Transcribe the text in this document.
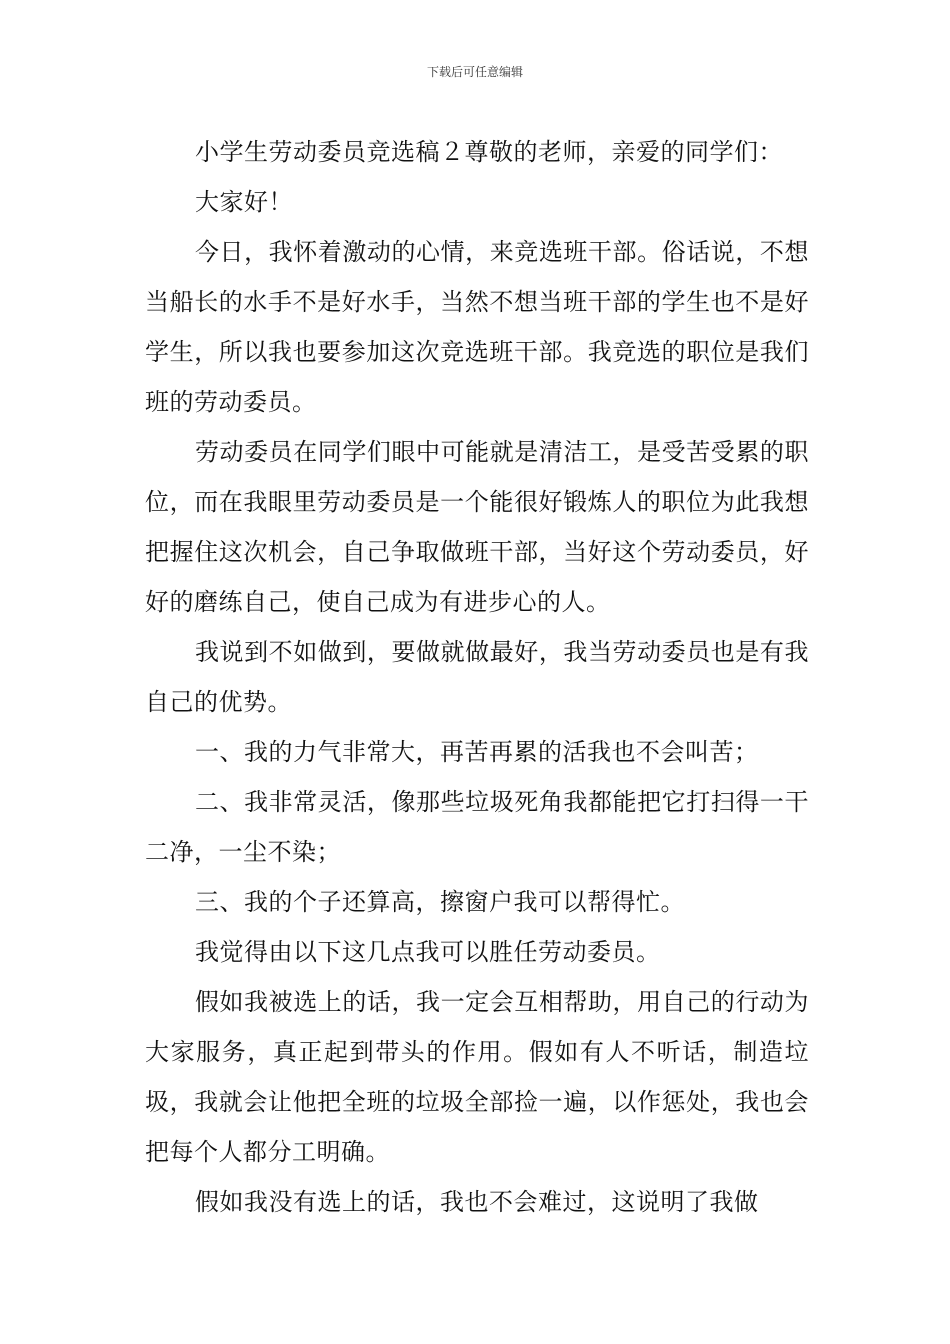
下载后可任意编辑

小学生劳动委员竞选稿２尊敬的老师，亲爱的同学们：

大家好！

今日，我怀着激动的心情，来竞选班干部。俗话说，不想当船长的水手不是好水手，当然不想当班干部的学生也不是好学生，所以我也要参加这次竞选班干部。我竞选的职位是我们班的劳动委员。

劳动委员在同学们眼中可能就是清洁工，是受苦受累的职位，而在我眼里劳动委员是一个能很好锻炼人的职位为此我想把握住这次机会，自己争取做班干部，当好这个劳动委员，好好的磨练自己，使自己成为有进步心的人。

我说到不如做到，要做就做最好，我当劳动委员也是有我自己的优势。

一、我的力气非常大，再苦再累的活我也不会叫苦；

二、我非常灵活，像那些垃圾死角我都能把它打扫得一干二净，一尘不染；

三、我的个子还算高，擦窗户我可以帮得忙。

我觉得由以下这几点我可以胜任劳动委员。

假如我被选上的话，我一定会互相帮助，用自己的行动为大家服务，真正起到带头的作用。假如有人不听话，制造垃圾，我就会让他把全班的垃圾全部捡一遍，以作惩处，我也会把每个人都分工明确。

假如我没有选上的话，我也不会难过，这说明了我做
